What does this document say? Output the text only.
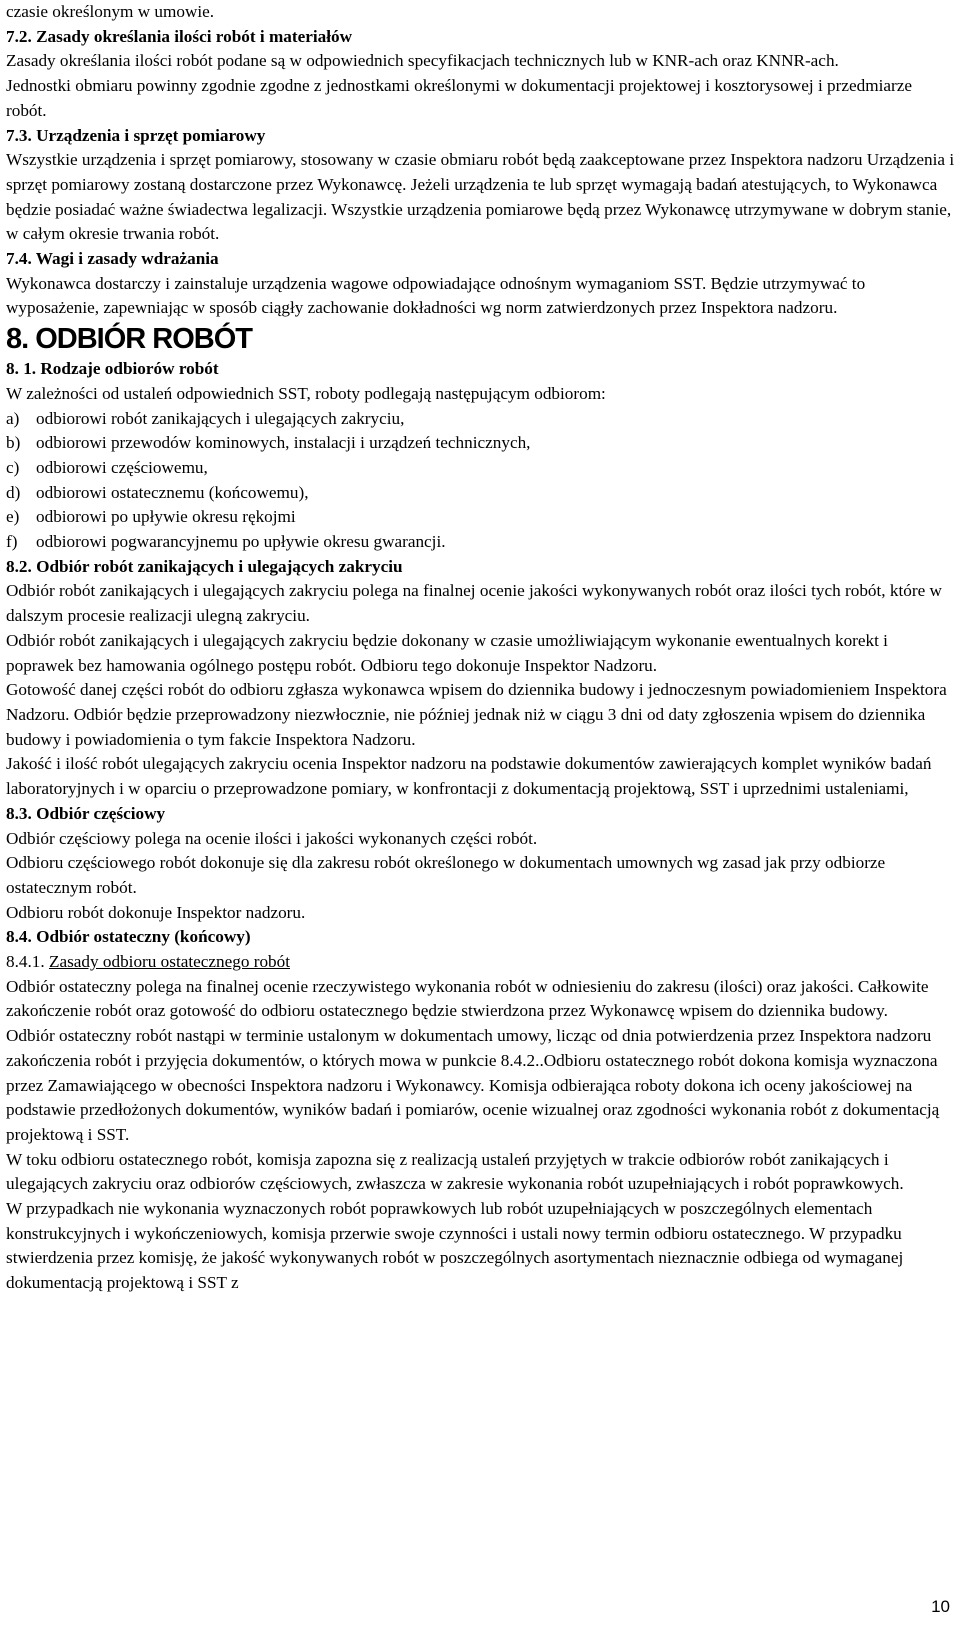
czasie określonym w umowie.

7.2. Zasady określania ilości robót i materiałów

Zasady określania ilości robót podane są w odpowiednich specyfikacjach technicznych lub w KNR-ach oraz KNNR-ach.

Jednostki obmiaru powinny zgodnie zgodne z jednostkami określonymi w dokumentacji projektowej i kosztorysowej i przedmiarze robót.

7.3. Urządzenia i sprzęt pomiarowy

Wszystkie urządzenia i sprzęt pomiarowy, stosowany w czasie obmiaru robót będą zaakceptowane przez Inspektora nadzoru Urządzenia i sprzęt pomiarowy zostaną dostarczone przez Wykonawcę. Jeżeli urządzenia te lub sprzęt wymagają badań atestujących, to Wykonawca będzie posiadać ważne świadectwa legalizacji. Wszystkie urządzenia pomiarowe będą przez Wykonawcę utrzymywane w dobrym stanie, w całym okresie trwania robót.

7.4. Wagi i zasady wdrażania

Wykonawca dostarczy i zainstaluje urządzenia wagowe odpowiadające odnośnym wymaganiom SST. Będzie utrzymywać to wyposażenie, zapewniając w sposób ciągły zachowanie dokładności wg norm zatwierdzonych przez Inspektora nadzoru.

8. ODBIÓR ROBÓT

8. 1. Rodzaje odbiorów robót

W zależności od ustaleń odpowiednich SST, roboty podlegają następującym odbiorom:

a) odbiorowi robót zanikających i ulegających zakryciu,
b) odbiorowi przewodów kominowych, instalacji i urządzeń technicznych,
c) odbiorowi częściowemu,
d) odbiorowi ostatecznemu (końcowemu),
e) odbiorowi po upływie okresu rękojmi
f)	odbiorowi pogwarancyjnemu po upływie okresu gwarancji.

8.2. Odbiór robót zanikających i ulegających zakryciu

Odbiór robót zanikających i ulegających zakryciu polega na finalnej ocenie jakości wykonywanych robót oraz ilości tych robót, które w dalszym procesie realizacji ulegną zakryciu.

Odbiór robót zanikających i ulegających zakryciu będzie dokonany w czasie umożliwiającym wykonanie ewentualnych korekt i poprawek bez hamowania ogólnego postępu robót. Odbioru tego dokonuje Inspektor Nadzoru.

Gotowość danej części robót do odbioru zgłasza wykonawca wpisem do dziennika budowy i jednoczesnym powiadomieniem Inspektora Nadzoru. Odbiór będzie przeprowadzony niezwłocznie, nie później jednak niż w ciągu 3 dni od daty zgłoszenia wpisem do dziennika budowy i powiadomienia o tym fakcie Inspektora Nadzoru.

Jakość i ilość robót ulegających zakryciu ocenia Inspektor nadzoru na podstawie dokumentów zawierających komplet wyników badań laboratoryjnych i w oparciu o przeprowadzone pomiary, w konfrontacji z dokumentacją projektową, SST i uprzednimi ustaleniami,

8.3. Odbiór częściowy

Odbiór częściowy polega na ocenie ilości i jakości wykonanych części robót.

Odbioru częściowego robót dokonuje się dla zakresu robót określonego w dokumentach umownych wg zasad jak przy odbiorze ostatecznym robót.

Odbioru robót dokonuje Inspektor nadzoru.

8.4. Odbiór ostateczny (końcowy)

8.4.1. Zasady odbioru ostatecznego robót

Odbiór ostateczny polega na finalnej ocenie rzeczywistego wykonania robót w odniesieniu do zakresu (ilości) oraz jakości. Całkowite zakończenie robót oraz gotowość do odbioru ostatecznego będzie stwierdzona przez Wykonawcę wpisem do dziennika budowy.

Odbiór ostateczny robót nastąpi w terminie ustalonym w dokumentach umowy, licząc od dnia potwierdzenia przez Inspektora nadzoru zakończenia robót i przyjęcia dokumentów, o których mowa w punkcie 8.4.2..Odbioru ostatecznego robót dokona komisja wyznaczona przez Zamawiającego w obecności Inspektora nadzoru i Wykonawcy. Komisja odbierająca roboty dokona ich oceny jakościowej na podstawie przedłożonych dokumentów, wyników badań i pomiarów, ocenie wizualnej oraz zgodności wykonania robót z dokumentacją projektową i SST.

W toku odbioru ostatecznego robót, komisja zapozna się z realizacją ustaleń przyjętych w trakcie odbiorów robót zanikających i ulegających zakryciu oraz odbiorów częściowych, zwłaszcza w zakresie wykonania robót uzupełniających i robót poprawkowych.

W przypadkach nie wykonania wyznaczonych robót poprawkowych lub robót uzupełniających w poszczególnych elementach konstrukcyjnych i wykończeniowych, komisja przerwie swoje czynności i ustali nowy termin odbioru ostatecznego. W przypadku stwierdzenia przez komisję, że jakość wykonywanych robót w poszczególnych asortymentach nieznacznie odbiega od wymaganej dokumentacją projektową i SST z

10
